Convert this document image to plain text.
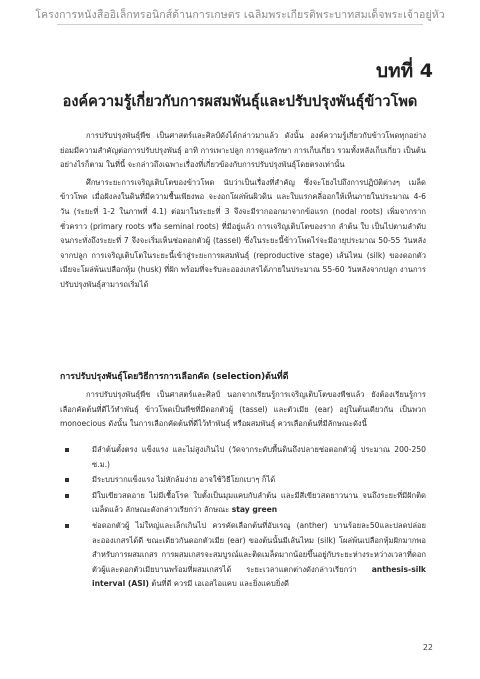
โครงการหนังสืออิเล็กทรอนิกส์ด้านการเกษตร เฉลิมพระเกียรติพระบาทสมเด็จพระเจ้าอยู่หัว
บทที่ 4
องค์ความรู้เกี่ยวกับการผสมพันธุ์และปรับปรุงพันธุ์ข้าวโพด

การปรับปรุงพันธุ์พืช เป็นศาสตร์และศิลป์ดังได้กล่าวมาแล้ว ดังนั้น องค์ความรู้เกี่ยวกับข้าวโพดทุกอย่างย่อมมีความสำคัญต่อการปรับปรุงพันธุ์ อาทิ การเพาะปลูก การดูแลรักษา การเก็บเกี่ยว รวมทั้งหลังเก็บเกี่ยว เป็นต้น อย่างไรก็ตาม ในที่นี้ จะกล่าวถึงเฉพาะเรื่องที่เกี่ยวข้องกับการปรับปรุงพันธุ์โดยตรงเท่านั้น

ศึกษาระยะการเจริญเติบโตของข้าวโพด นับว่าเป็นเรื่องที่สำคัญ ซึ่งจะโยงไปถึงการปฏิบัติต่างๆ เมล็ดข้าวโพด เมื่อฝังลงในดินที่มีความชื้นเพียงพอ จะงอกโผล่พ้นผิวดิน และใบแรกคลี่ออกให้เห็นภายในประมาณ 4-6 วัน (ระยะที่ 1-2 ในภาพที่ 4.1) ต่อมาในระยะที่ 3 จึงจะมีรากออกมาจากข้อแรก (nodal roots) เพิ่มจากรากชั่วคราว (primary roots หรือ seminal roots) ที่มีอยู่แล้ว การเจริญเติบโตของราก ลำต้น ใบ เป็นไปตามลำดับจนกระทั่งถึงระยะที่ 7 จึงจะเริ่มเห็นช่อดอกตัวผู้ (tassel) ซึ่งในระยะนี้ข้าวโพดไร่จะมีอายุประมาณ 50-55 วันหลังจากปลูก การเจริญเติบโตในระยะนี้เข้าสู่ระยะการผสมพันธุ์ (reproductive stage) เส้นไหม (silk) ของดอกตัวเมียจะโผล่พ้นเปลือกหุ้ม (husk) ที่ฝัก พร้อมที่จะรับละอองเกสรได้ภายในประมาณ 55-60 วันหลังจากปลูก งานการปรับปรุงพันธุ์สามารถเริ่มได้

การปรับปรุงพันธุ์โดยวิธีการการเลือกคัด (selection)ต้นที่ดี

การปรับปรุงพันธุ์พืช เป็นศาสตร์และศิลป์ นอกจากเรียนรู้การเจริญเติบโตของพืชแล้ว ยังต้องเรียนรู้การเลือกคัดต้นที่ดีไว้ทำพันธุ์ ข้าวโพดเป็นพืชที่มีดอกตัวผู้ (tassel) และตัวเมีย (ear) อยู่ในต้นเดียวกัน เป็นพวก monoecious ดังนั้น ในการเลือกคัดต้นที่ดีไว้ทำพันธุ์ หรือผสมพันธุ์ ควรเลือกต้นที่มีลักษณะดังนี้

มีลำต้นตั้งตรง แข็งแรง และไม่สูงเกินไป (วัดจากระดับพื้นดินถึงปลายช่อดอกตัวผู้ ประมาณ 200-250 ซ.ม.)
มีระบบรากแข็งแรง ไม่หักล้มง่าย อาจใช้วิธีโยกเบาๆ ก็ได้
มีใบเขียวสดอาย ไม่มีเชื้อโรค ใบตั้งเป็นมุมแคบกับลำต้น และมีสีเขียวสดยาวนาน จนถึงระยะที่มีฝักติดเมล็ดแล้ว ลักษณะดังกล่าวเรียกว่า ลักษณะ stay green
ช่อดอกตัวผู้ ไม่ใหญ่และเล็กเกินไป ควรคัดเลือกต้นที่อับเรณู (anther) บานร้อยละ50และปลดปล่อยละอองเกสรได้ดี ขณะเดียวกันดอกตัวเมีย (ear) ของต้นนั้นมีเส้นไหม (silk) โผล่พ้นเปลือกหุ้มฝักมากพอสำหรับการผสมเกสร การผสมเกสรจะสมบูรณ์และติดเมล็ดมากน้อยขึ้นอยู่กับระยะห่างระหว่างเวลาที่ดอกตัวผู้และดอกตัวเมียบานพร้อมที่ผสมเกสรได้ ระยะเวลาแตกต่างดังกล่าวเรียกว่า anthesis-silk interval (ASI) ต้นที่ดี ควรมี เอเอสไอแคบ และยิ่งแคบยิ่งดี
22
